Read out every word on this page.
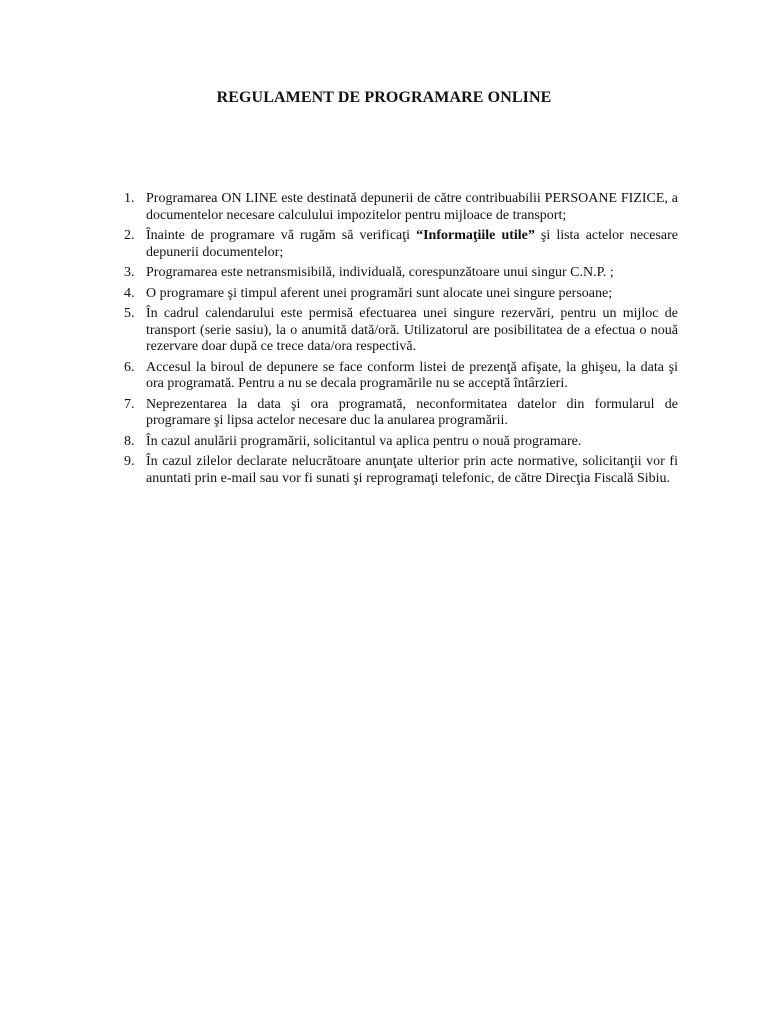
REGULAMENT DE PROGRAMARE ONLINE
1. Programarea ON LINE este destinată depunerii de către contribuabilii PERSOANE FIZICE, a documentelor necesare calculului impozitelor pentru mijloace de transport;
2. Înainte de programare vă rugăm să verificaţi “Informaţiile utile” şi lista actelor necesare depunerii documentelor;
3. Programarea este netransmisibilă, individuală, corespunzătoare unui singur C.N.P. ;
4. O programare şi timpul aferent unei programări sunt alocate unei singure persoane;
5. În cadrul calendarului este permisă efectuarea unei singure rezervări, pentru un mijloc de transport (serie sasiu), la o anumită dată/oră. Utilizatorul are posibilitatea de a efectua o nouă rezervare doar după ce trece data/ora respectivă.
6. Accesul la biroul de depunere se face conform listei de prezenţă afişate, la ghişeu, la data şi ora programată. Pentru a nu se decala programările nu se acceptă întârzieri.
7. Neprezentarea la data şi ora programată, neconformitatea datelor din formularul de programare şi lipsa actelor necesare duc la anularea programării.
8. În cazul anulării programării, solicitantul va aplica pentru o nouă programare.
9. În cazul zilelor declarate nelucrătoare anunţate ulterior prin acte normative, solicitanţii vor fi anuntati prin e-mail sau vor fi sunati şi reprogramaţi telefonic, de către Direcţia Fiscală Sibiu.
